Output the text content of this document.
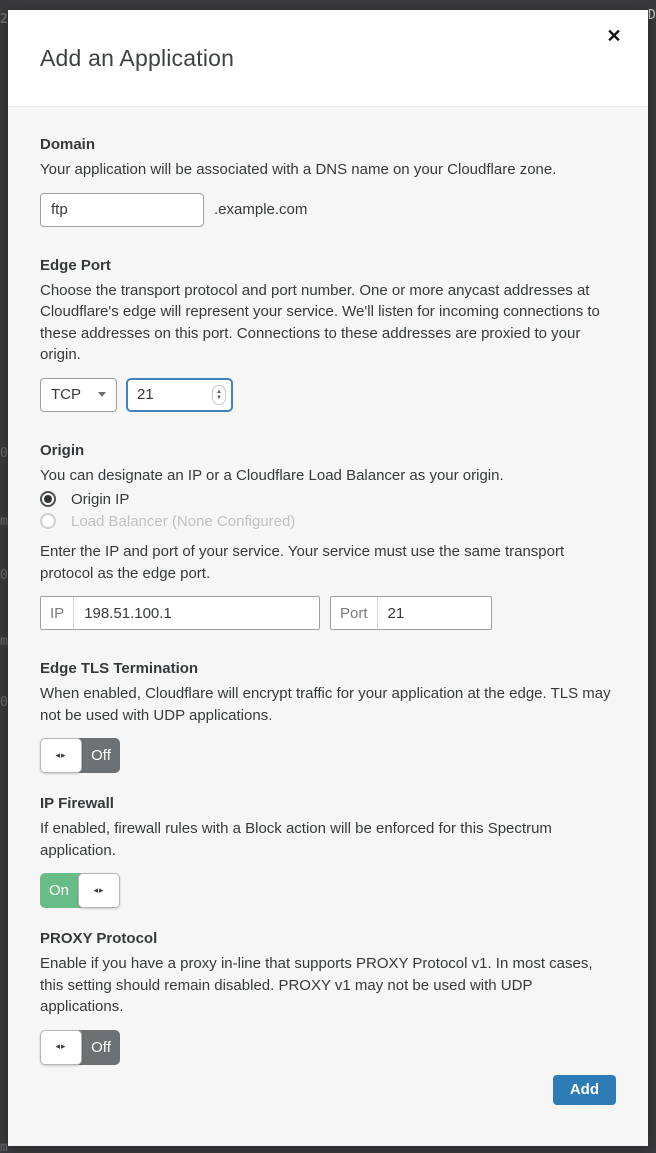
2
0
m
0
m
0
m
D
Add an Application
✕
Domain
Your application will be associated with a DNS name on your Cloudflare zone.
ftp
.example.com
Edge Port
Choose the transport protocol and port number. One or more anycast addresses at Cloudflare's edge will represent your service. We'll listen for incoming connections to these addresses on this port. Connections to these addresses are proxied to your origin.
TCP
21	▲
▼
Origin
You can designate an IP or a Cloudflare Load Balancer as your origin.
Origin IP
Load Balancer (None Configured)
Enter the IP and port of your service. Your service must use the same transport protocol as the edge port.
IP
198.51.100.1	Port
21
Edge TLS Termination
When enabled, Cloudflare will encrypt traffic for your application at the edge. TLS may not be used with UDP applications.
◂▸	Off
IP Firewall
If enabled, firewall rules with a Block action will be enforced for this Spectrum application.
On	◂▸
PROXY Protocol
Enable if you have a proxy in-line that supports PROXY Protocol v1. In most cases, this setting should remain disabled. PROXY v1 may not be used with UDP applications.
◂▸	Off
Add
